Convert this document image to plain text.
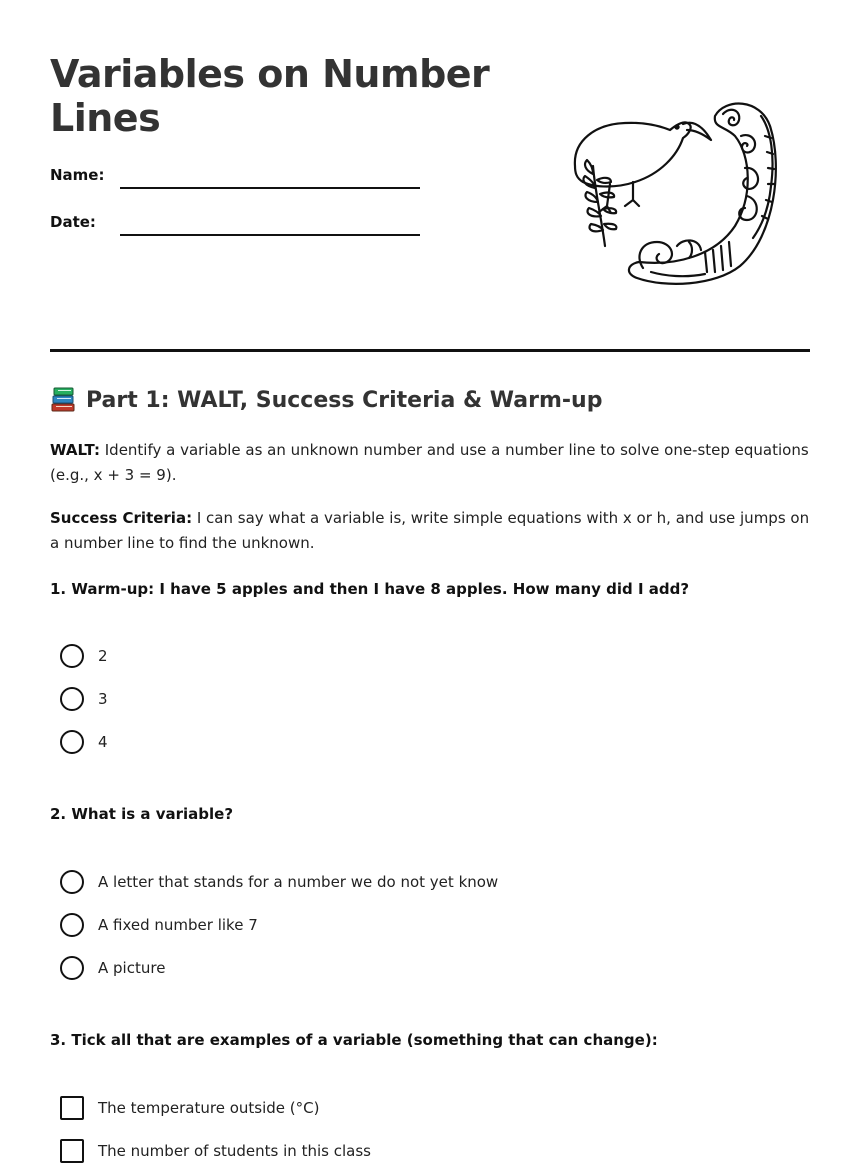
Variables on Number Lines
Name:
Date:
Part 1: WALT, Success Criteria & Warm-up

WALT: Identify a variable as an unknown number and use a number line to solve one-step equations (e.g., x + 3 = 9).

Success Criteria: I can say what a variable is, write simple equations with x or h, and use jumps on a number line to find the unknown.

1. Warm-up: I have 5 apples and then I have 8 apples. How many did I add?

2
3
4

2. What is a variable?

A letter that stands for a number we do not yet know
A fixed number like 7
A picture

3. Tick all that are examples of a variable (something that can change):

The temperature outside (°C)
The number of students in this class
